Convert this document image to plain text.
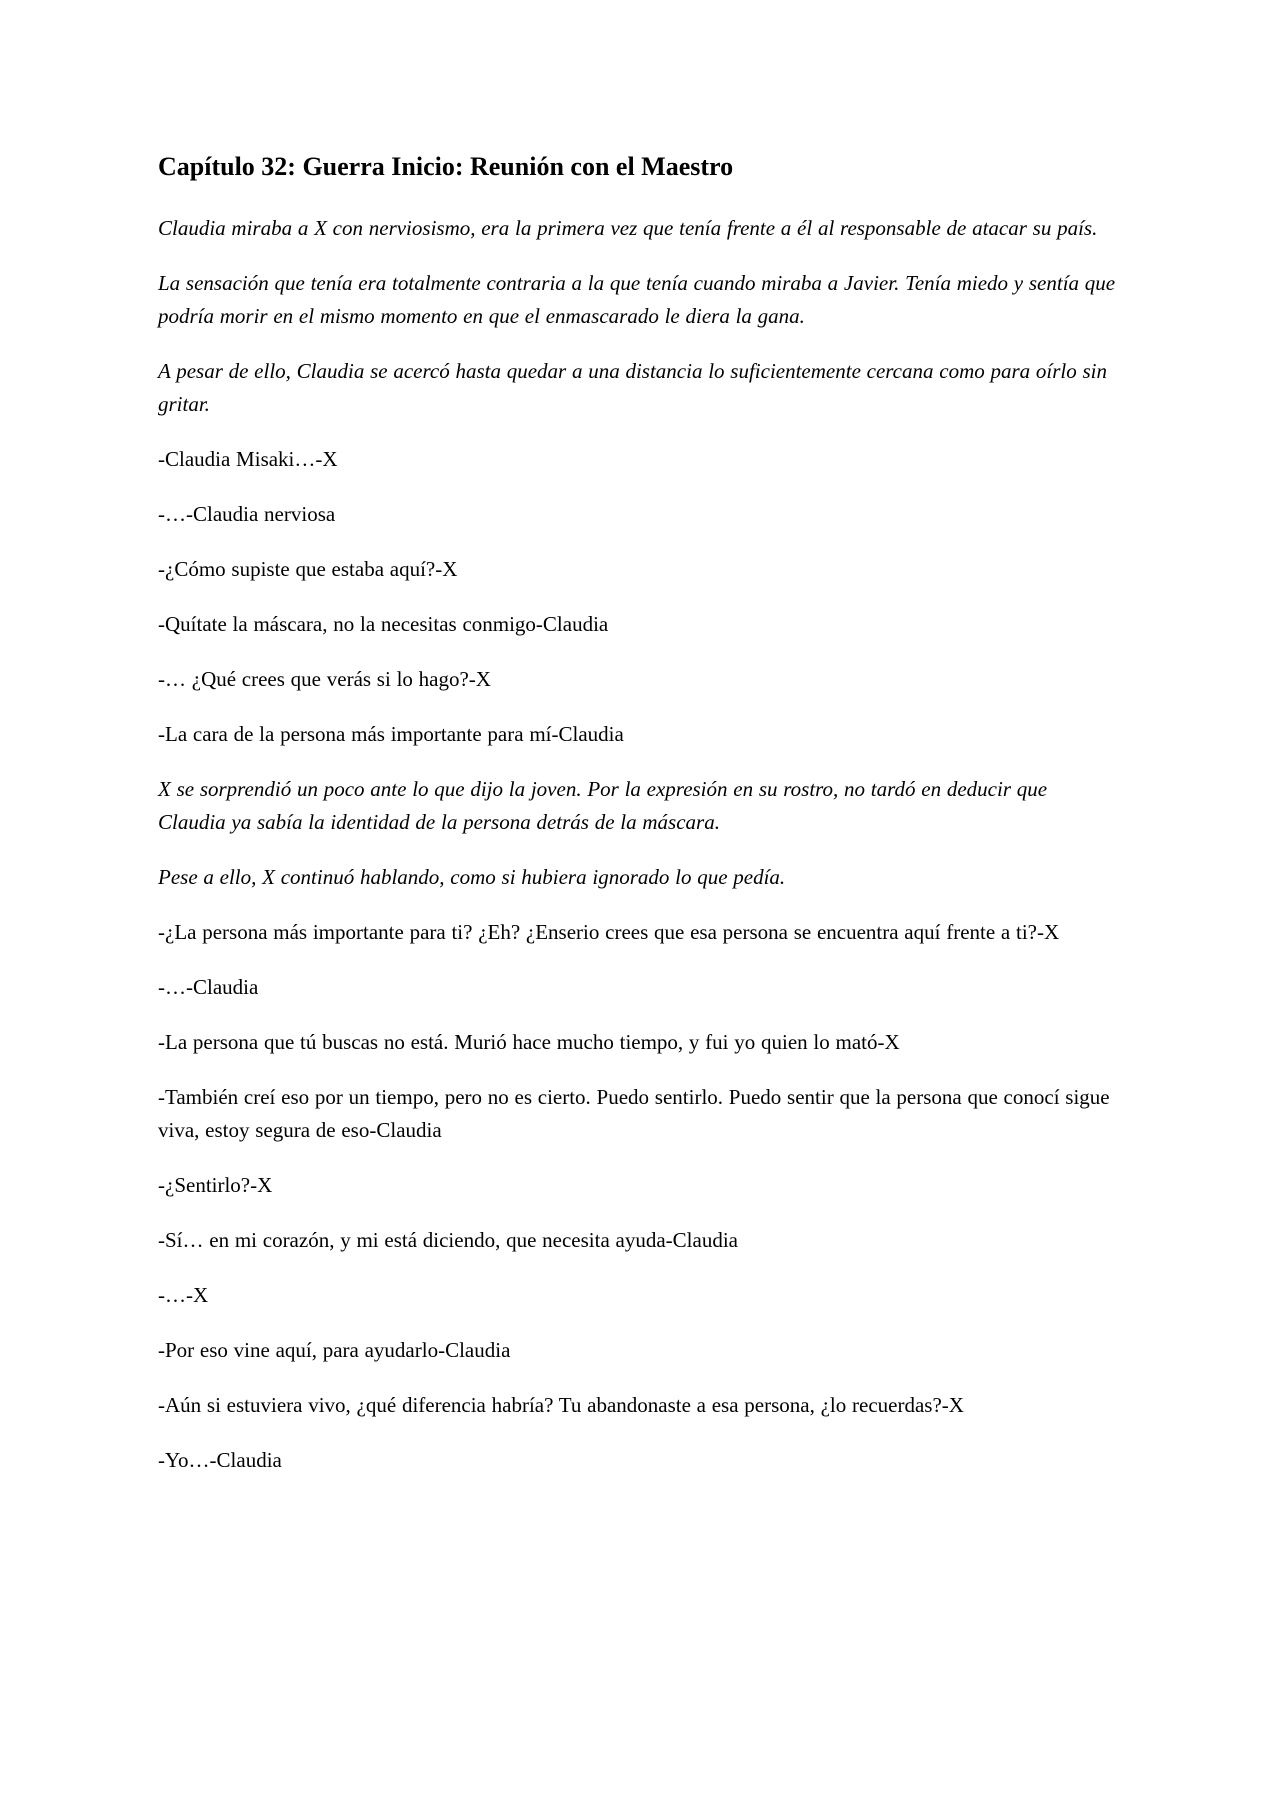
Capítulo 32: Guerra Inicio: Reunión con el Maestro

Claudia miraba a X con nerviosismo, era la primera vez que tenía frente a él al responsable de atacar su país.

La sensación que tenía era totalmente contraria a la que tenía cuando miraba a Javier. Tenía miedo y sentía que podría morir en el mismo momento en que el enmascarado le diera la gana.

A pesar de ello, Claudia se acercó hasta quedar a una distancia lo suficientemente cercana como para oírlo sin gritar.

-Claudia Misaki…-X

-…-Claudia nerviosa

-¿Cómo supiste que estaba aquí?-X

-Quítate la máscara, no la necesitas conmigo-Claudia

-… ¿Qué crees que verás si lo hago?-X

-La cara de la persona más importante para mí-Claudia

X se sorprendió un poco ante lo que dijo la joven. Por la expresión en su rostro, no tardó en deducir que Claudia ya sabía la identidad de la persona detrás de la máscara.

Pese a ello, X continuó hablando, como si hubiera ignorado lo que pedía.

-¿La persona más importante para ti? ¿Eh? ¿Enserio crees que esa persona se encuentra aquí frente a ti?-X

-…-Claudia

-La persona que tú buscas no está. Murió hace mucho tiempo, y fui yo quien lo mató-X

-También creí eso por un tiempo, pero no es cierto. Puedo sentirlo. Puedo sentir que la persona que conocí sigue viva, estoy segura de eso-Claudia

-¿Sentirlo?-X

-Sí… en mi corazón, y mi está diciendo, que necesita ayuda-Claudia

-…-X

-Por eso vine aquí, para ayudarlo-Claudia

-Aún si estuviera vivo, ¿qué diferencia habría? Tu abandonaste a esa persona, ¿lo recuerdas?-X

-Yo…-Claudia
